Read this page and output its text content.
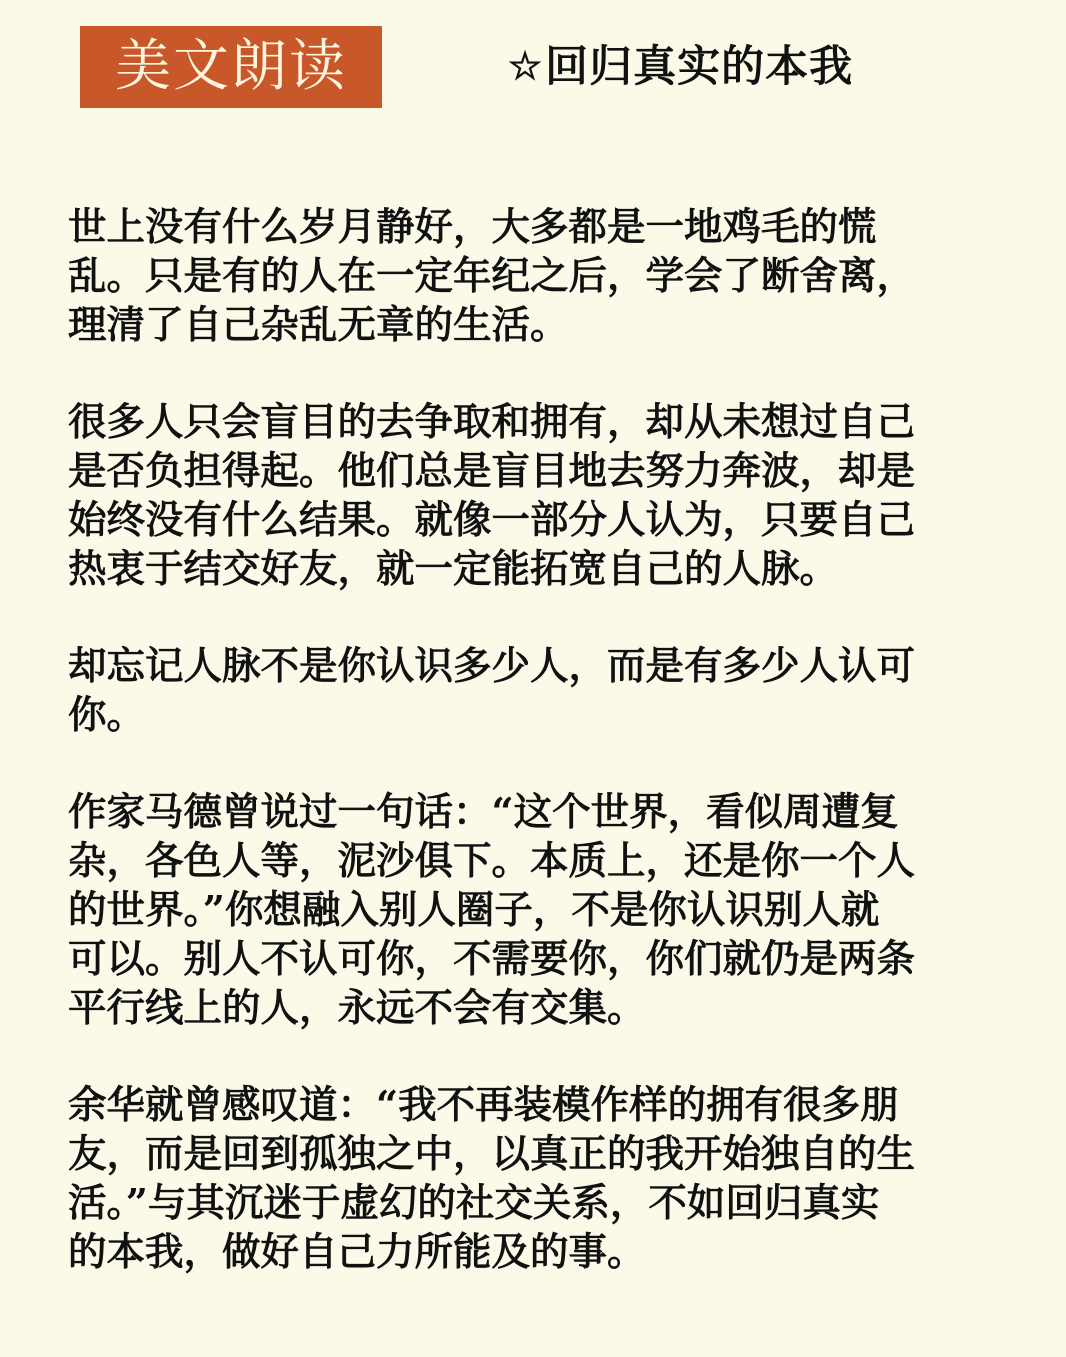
美文朗读	☆回归真实的本我

世上没有什么岁月静好，大多都是一地鸡毛的慌
乱。只是有的人在一定年纪之后，学会了断舍离，
理清了自己杂乱无章的生活。

很多人只会盲目的去争取和拥有，却从未想过自己
是否负担得起。他们总是盲目地去努力奔波，却是
始终没有什么结果。就像一部分人认为，只要自己
热衷于结交好友，就一定能拓宽自己的人脉。

却忘记人脉不是你认识多少人，而是有多少人认可
你。

作家马德曾说过一句话：“这个世界，看似周遭复
杂，各色人等，泥沙俱下。本质上，还是你一个人
的世界。”你想融入别人圈子，不是你认识别人就
可以。别人不认可你，不需要你，你们就仍是两条
平行线上的人，永远不会有交集。

余华就曾感叹道：“我不再装模作样的拥有很多朋
友，而是回到孤独之中，以真正的我开始独自的生
活。”与其沉迷于虚幻的社交关系，不如回归真实
的本我，做好自己力所能及的事。
